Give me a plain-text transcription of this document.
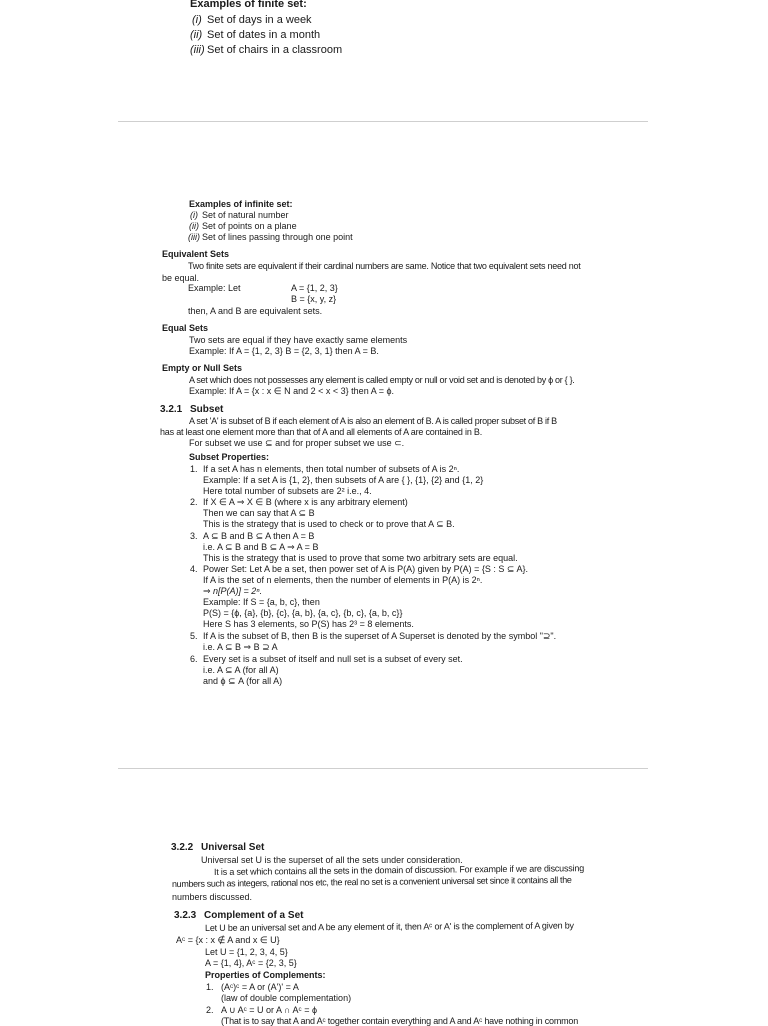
Examples of finite set:
(i) Set of days in a week
(ii) Set of dates in a month
(iii) Set of chairs in a classroom
Examples of infinite set:
(i) Set of natural number
(ii) Set of points on a plane
(iii) Set of lines passing through one point
Equivalent Sets
Two finite sets are equivalent if their cardinal numbers are same. Notice that two equivalent sets need not
be equal.
Example: Let	A = {1, 2, 3}
B = {x, y, z}
then, A and B are equivalent sets.
Equal Sets
Two sets are equal if they have exactly same elements
Example: If A = {1, 2, 3} B = {2, 3, 1} then A = B.
Empty or Null Sets
A set which does not possesses any element is called empty or null or void set and is denoted by ϕ or { }.
Example: If A = {x : x ∈ N and 2 < x < 3} then A = ϕ.
3.2.1 Subset
A set 'A' is subset of B if each element of A is also an element of B. A is called proper subset of B if B
has at least one element more than that of A and all elements of A are contained in B.
For subset we use ⊆ and for proper subset we use ⊂.
Subset Properties:
1. If a set A has n elements, then total number of subsets of A is 2ⁿ.
Example: If a set A is {1, 2}, then subsets of A are { }, {1}, {2} and {1, 2}
Here total number of subsets are 2² i.e., 4.
2. If X ∈ A ⇒ X ∈ B (where x is any arbitrary element)
Then we can say that A ⊆ B
This is the strategy that is used to check or to prove that A ⊆ B.
3. A ⊆ B and B ⊆ A then A = B
i.e. A ⊆ B and B ⊆ A ⇒ A = B
This is the strategy that is used to prove that some two arbitrary sets are equal.
4. Power Set: Let A be a set, then power set of A is P(A) given by P(A) = {S : S ⊆ A}.
If A is the set of n elements, then the number of elements in P(A) is 2ⁿ.
⇒ n[P(A)] = 2ⁿ.
Example: If S = {a, b, c}, then
P(S) = {ϕ, {a}, {b}, {c}, {a, b}, {a, c}, {b, c}, {a, b, c}}
Here S has 3 elements, so P(S) has 2³ = 8 elements.
5. If A is the subset of B, then B is the superset of A Superset is denoted by the symbol "⊇".
i.e. A ⊆ B ⇒ B ⊇ A
6. Every set is a subset of itself and null set is a subset of every set.
i.e. A ⊆ A (for all A)
and ϕ ⊆ A (for all A)
3.2.2 Universal Set
Universal set U is the superset of all the sets under consideration.
It is a set which contains all the sets in the domain of discussion. For example if we are discussing
numbers such as integers, rational nos etc, the real no set is a convenient universal set since it contains all the
numbers discussed.
3.2.3 Complement of a Set
Let U be an universal set and A be any element of it, then Aᶜ or A' is the complement of A given by
Aᶜ = {x : x ∉ A and x ∈ U}
Let U = {1, 2, 3, 4, 5}
A = {1, 4}, Aᶜ = {2, 3, 5}
Properties of Complements:
1. (Aᶜ)ᶜ = A or (A')' = A
(law of double complementation)
2. A ∪ Aᶜ = U or A ∩ Aᶜ = ϕ
(That is to say that A and Aᶜ together contain everything and A and Aᶜ have nothing in common
